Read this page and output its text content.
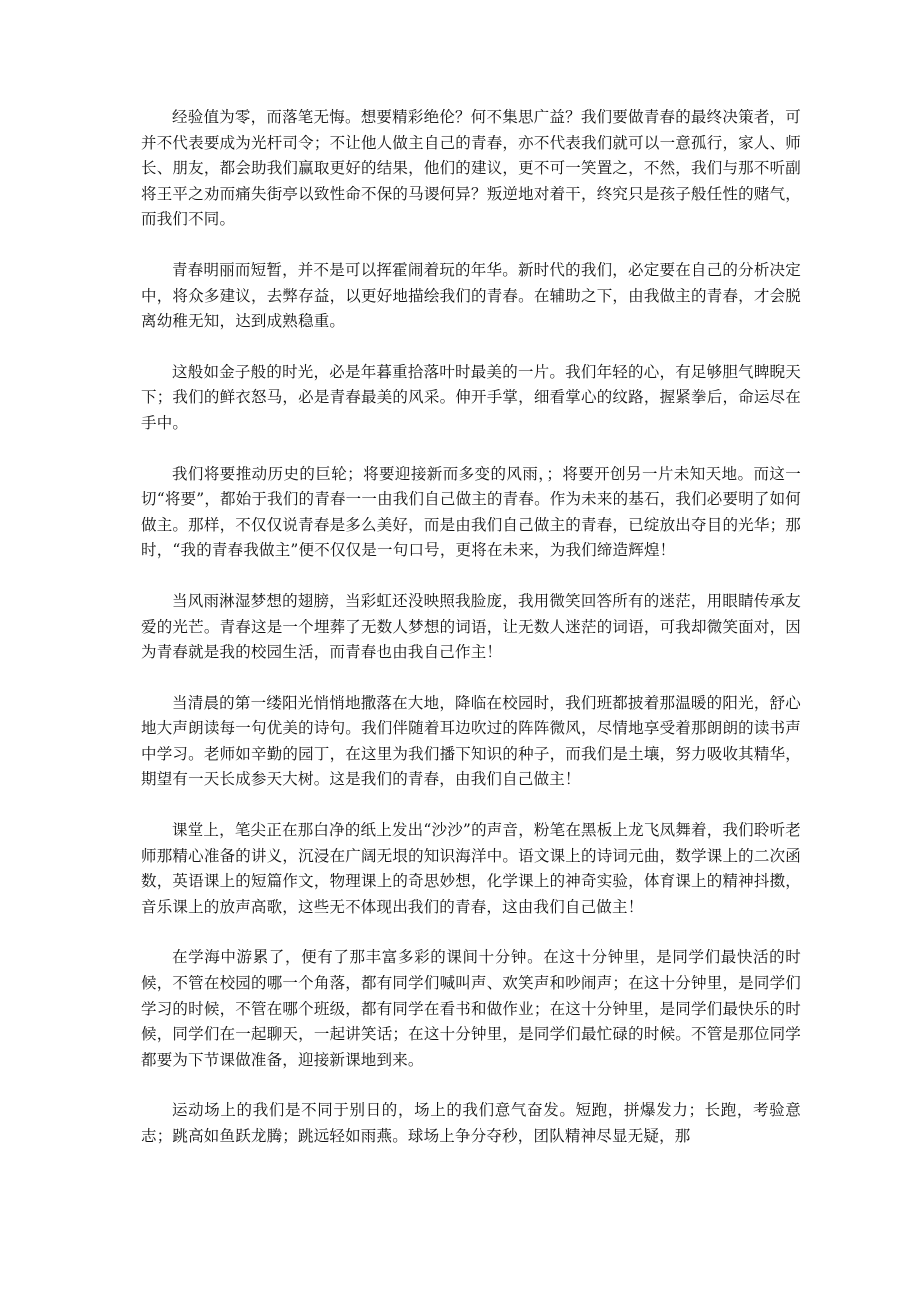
经验值为零，而落笔无悔。想要精彩绝伦？何不集思广益？我们要做青春的最终决策者，可并不代表要成为光杆司令；不让他人做主自己的青春，亦不代表我们就可以一意孤行，家人、师长、朋友，都会助我们赢取更好的结果，他们的建议，更不可一笑置之，不然，我们与那不听副将王平之劝而痛失街亭以致性命不保的马谡何异？叛逆地对着干，终究只是孩子般任性的赌气，而我们不同。

青春明丽而短暂，并不是可以挥霍闹着玩的年华。新时代的我们，必定要在自己的分析决定中，将众多建议，去弊存益，以更好地描绘我们的青春。在辅助之下，由我做主的青春，才会脱离幼稚无知，达到成熟稳重。

这般如金子般的时光，必是年暮重拾落叶时最美的一片。我们年轻的心，有足够胆气睥睨天下；我们的鲜衣怒马，必是青春最美的风采。伸开手掌，细看掌心的纹路，握紧拳后，命运尽在手中。

我们将要推动历史的巨轮；将要迎接新而多变的风雨，；将要开创另一片未知天地。而这一切“将要”，都始于我们的青春一一由我们自己做主的青春。作为未来的基石，我们必要明了如何做主。那样，不仅仅说青春是多么美好，而是由我们自己做主的青春，已绽放出夺目的光华；那时，“我的青春我做主”便不仅仅是一句口号，更将在未来，为我们缔造辉煌！

当风雨淋湿梦想的翅膀，当彩虹还没映照我脸庞，我用微笑回答所有的迷茫，用眼睛传承友爱的光芒。青春这是一个埋葬了无数人梦想的词语，让无数人迷茫的词语，可我却微笑面对，因为青春就是我的校园生活，而青春也由我自己作主！

当清晨的第一缕阳光悄悄地撒落在大地，降临在校园时，我们班都披着那温暖的阳光，舒心地大声朗读每一句优美的诗句。我们伴随着耳边吹过的阵阵微风，尽情地享受着那朗朗的读书声中学习。老师如辛勤的园丁，在这里为我们播下知识的种子，而我们是土壤，努力吸收其精华，期望有一天长成参天大树。这是我们的青春，由我们自己做主！

课堂上，笔尖正在那白净的纸上发出“沙沙”的声音，粉笔在黑板上龙飞凤舞着，我们聆听老师那精心准备的讲义，沉浸在广阔无垠的知识海洋中。语文课上的诗词元曲，数学课上的二次函数，英语课上的短篇作文，物理课上的奇思妙想，化学课上的神奇实验，体育课上的精神抖擞，音乐课上的放声高歌，这些无不体现出我们的青春，这由我们自己做主！

在学海中游累了，便有了那丰富多彩的课间十分钟。在这十分钟里，是同学们最快活的时候，不管在校园的哪一个角落，都有同学们喊叫声、欢笑声和吵闹声；在这十分钟里，是同学们学习的时候，不管在哪个班级，都有同学在看书和做作业；在这十分钟里，是同学们最快乐的时候，同学们在一起聊天，一起讲笑话；在这十分钟里，是同学们最忙碌的时候。不管是那位同学都要为下节课做准备，迎接新课地到来。

运动场上的我们是不同于别日的，场上的我们意气奋发。短跑，拼爆发力；长跑，考验意志；跳高如鱼跃龙腾；跳远轻如雨燕。球场上争分夺秒，团队精神尽显无疑，那
